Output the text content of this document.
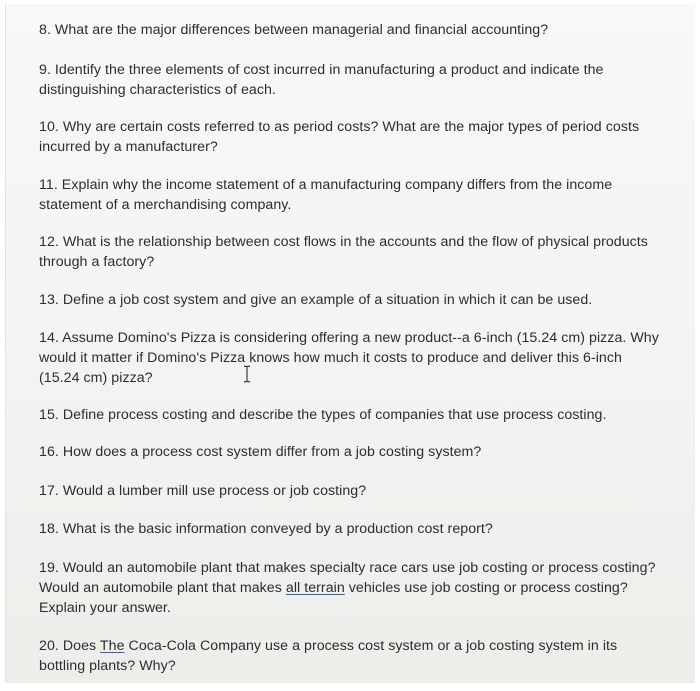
8. What are the major differences between managerial and financial accounting?
9. Identify the three elements of cost incurred in manufacturing a product and indicate the distinguishing characteristics of each.
10. Why are certain costs referred to as period costs? What are the major types of period costs incurred by a manufacturer?
11. Explain why the income statement of a manufacturing company differs from the income statement of a merchandising company.
12. What is the relationship between cost flows in the accounts and the flow of physical products through a factory?
13. Define a job cost system and give an example of a situation in which it can be used.
14. Assume Domino's Pizza is considering offering a new product--a 6-inch (15.24 cm) pizza. Why would it matter if Domino's Pizza knows how much it costs to produce and deliver this 6-inch (15.24 cm) pizza?
15. Define process costing and describe the types of companies that use process costing.
16. How does a process cost system differ from a job costing system?
17. Would a lumber mill use process or job costing?
18. What is the basic information conveyed by a production cost report?
19. Would an automobile plant that makes specialty race cars use job costing or process costing? Would an automobile plant that makes all terrain vehicles use job costing or process costing? Explain your answer.
20. Does The Coca-Cola Company use a process cost system or a job costing system in its bottling plants? Why?
